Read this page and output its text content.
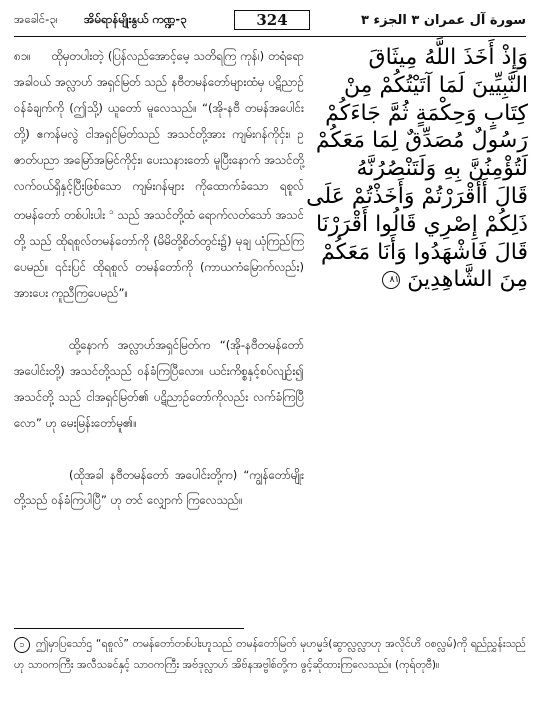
အခေါင်-၃၊	အိမ်ရာန်မျိုးနွယ် ကဏ္ဍ-၃	324	سورة آل عمران ٣ الجزء ٣

၈၁။ ထိုမှတပါးတဲ့ (ပြန်လည်အောင့်မေ့ သတိရကြ ကုန်၊) တရံရော အခါဝယ် အလ္လာဟ် အရှင်မြတ် သည် နဗီတမန်တော်များထံမှ ပဋိညာဉ်ဝန်ခံချက်ကို (ဤသို့) ယူတော် မူလေသည်။ “(အို-နဗီ တမန်အပေါင်းတို့) ဧကန်မလွဲ ငါအရှင်မြတ်သည် အသင်တို့အား ကျမ်းဂန်ကိုငှ်း၊ ဥဇာတ်ပညာ အမြော်အမြင်ကိုငှ်း၊ ပေးသနားတော် မူပြီးနောက် အသင်တို့ လက်ဝယ်ရှိနှင့်ပြီးဖြစ်သော ကျမ်းဂန်များ ကိုထောက်ခံသော ရစူလ်တမန်တော် တစ်ပါးပါး $^၁$ သည် အသင်တို့ထံ ရောက်လတ်သော် အသင်တို့ သည် ထိုရစူလ်တမန်တော်ကို (မိမိတို့စိတ်တွင်း၌) မုချ ယုံကြည်ကြပေမည်။ ၎င်းပြင် ထိုရစူလ် တမန်တော်ကို (ကာယကံမြောက်လည်း) အားပေး ကူညီကြပေမည်”။

ထို့နောက် အလ္လာဟ်အရှင်မြတ်က “(အို-နဗီတမန်တော် အပေါင်းတို့) အသင်တို့သည် ဝန်ခံကြပြီလော။ ယင်းကိစ္စနှင့်စပ်လျဉ်း၍ အသင်တို့ သည် ငါအရှင်မြတ်၏ ပဋိညာဉ်တော်ကိုလည်း လက်ခံကြပြီလော” ဟု မေးမြန်းတော်မူ၏။

(ထိုအခါ နဗီတမန်တော် အပေါင်းတို့က) “ကျွန်တော်မျိုးတို့သည် ဝန်ခံကြပါပြီ” ဟု တင် လျှောက် ကြလေသည်။

وَإِذْ أَخَذَ اللَّهُ مِيثَاقَ
النَّبِيِّينَ لَمَا آتَيْتُكُمْ مِنْ
كِتَابٍ وَحِكْمَةٍ ثُمَّ جَاءَكُمْ
رَسُولٌ مُصَدِّقٌ لِمَا مَعَكُمْ
لَتُؤْمِنُنَّ بِهِ وَلَتَنْصُرُنَّهُ
قَالَ أَأَقْرَرْتُمْ وَأَخَذْتُمْ عَلَى
ذَلِكُمْ إِصْرِي قَالُوا أَقْرَرْنَا
قَالَ فَاشْهَدُوا وَأَنَا مَعَكُمْ
مِنَ الشَّاهِدِينَ ٨١
၁ ဤမှာပြသော်ဌ “ရစူလ်” တမန်တော်တစ်ပါးဟူသည် တမန်တော်မြတ် မုဟမ္မဒ်(ဆွာလ္လလ္လာဟု အလိုင်ဟိ ဝစလ္လမ်)ကို ရည်ညွှန်းသည်ဟု သာဝကကြီး အလီသခင်နှင့် သာဝကကြီး အဗ်ဒုလ္လာဟ် အိဗ်နအဗ္ဗါစ်တို့က ဖွင့်ဆိုထားကြလေသည်။ (ကုရ်တုဗီ)။
